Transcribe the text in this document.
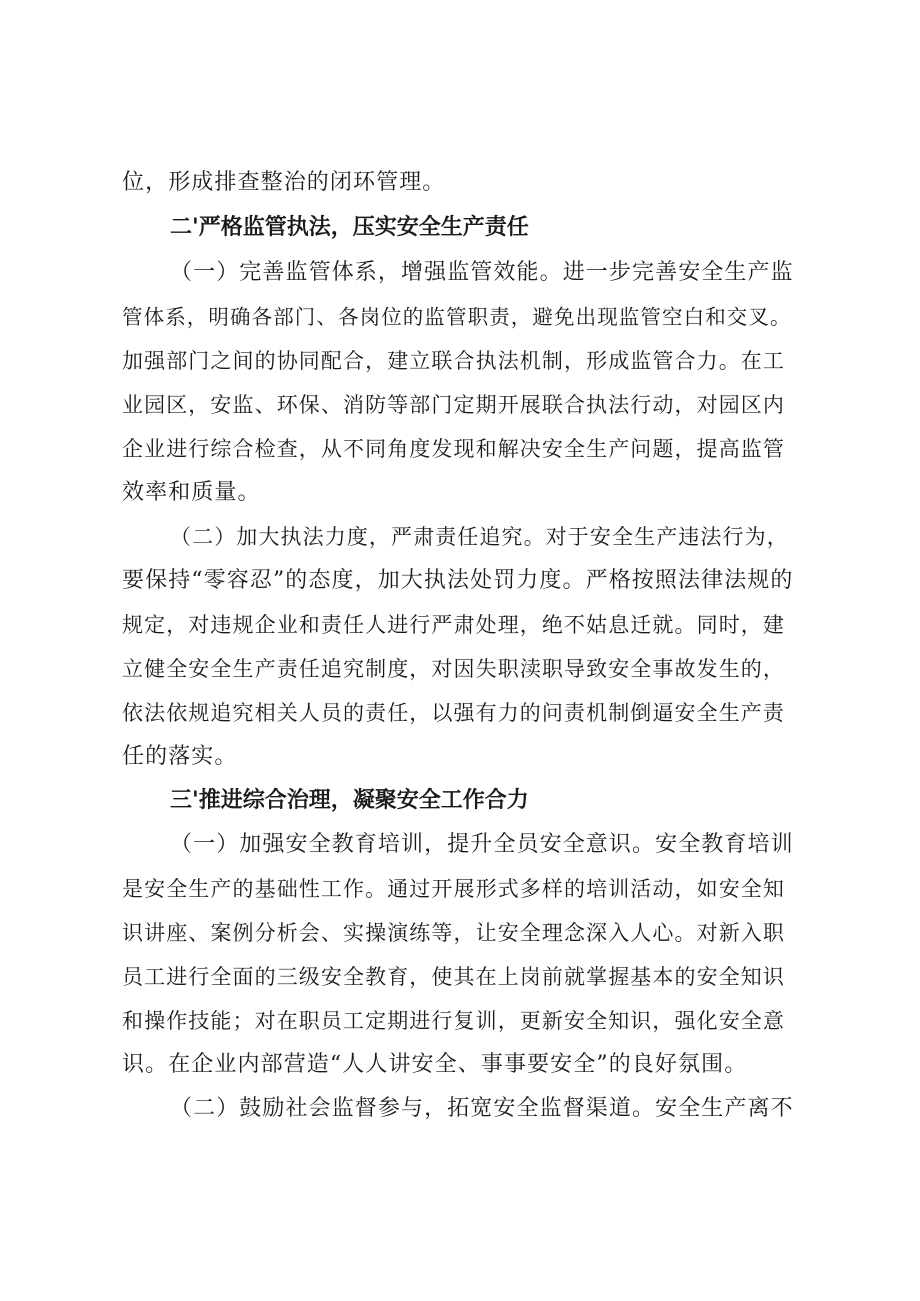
位，形成排查整治的闭环管理。
二'严格监管执法，压实安全生产责任
（一）完善监管体系，增强监管效能。进一步完善安全生产监
管体系，明确各部门、各岗位的监管职责，避免出现监管空白和交叉。
加强部门之间的协同配合，建立联合执法机制，形成监管合力。在工
业园区，安监、环保、消防等部门定期开展联合执法行动，对园区内
企业进行综合检查，从不同角度发现和解决安全生产问题，提高监管
效率和质量。
（二）加大执法力度，严肃责任追究。对于安全生产违法行为，
要保持“零容忍”的态度，加大执法处罚力度。严格按照法律法规的
规定，对违规企业和责任人进行严肃处理，绝不姑息迁就。同时，建
立健全安全生产责任追究制度，对因失职渎职导致安全事故发生的，
依法依规追究相关人员的责任，以强有力的问责机制倒逼安全生产责
任的落实。
三'推进综合治理，凝聚安全工作合力
（一）加强安全教育培训，提升全员安全意识。安全教育培训
是安全生产的基础性工作。通过开展形式多样的培训活动，如安全知
识讲座、案例分析会、实操演练等，让安全理念深入人心。对新入职
员工进行全面的三级安全教育，使其在上岗前就掌握基本的安全知识
和操作技能；对在职员工定期进行复训，更新安全知识，强化安全意
识。在企业内部营造“人人讲安全、事事要安全”的良好氛围。
（二）鼓励社会监督参与，拓宽安全监督渠道。安全生产离不
